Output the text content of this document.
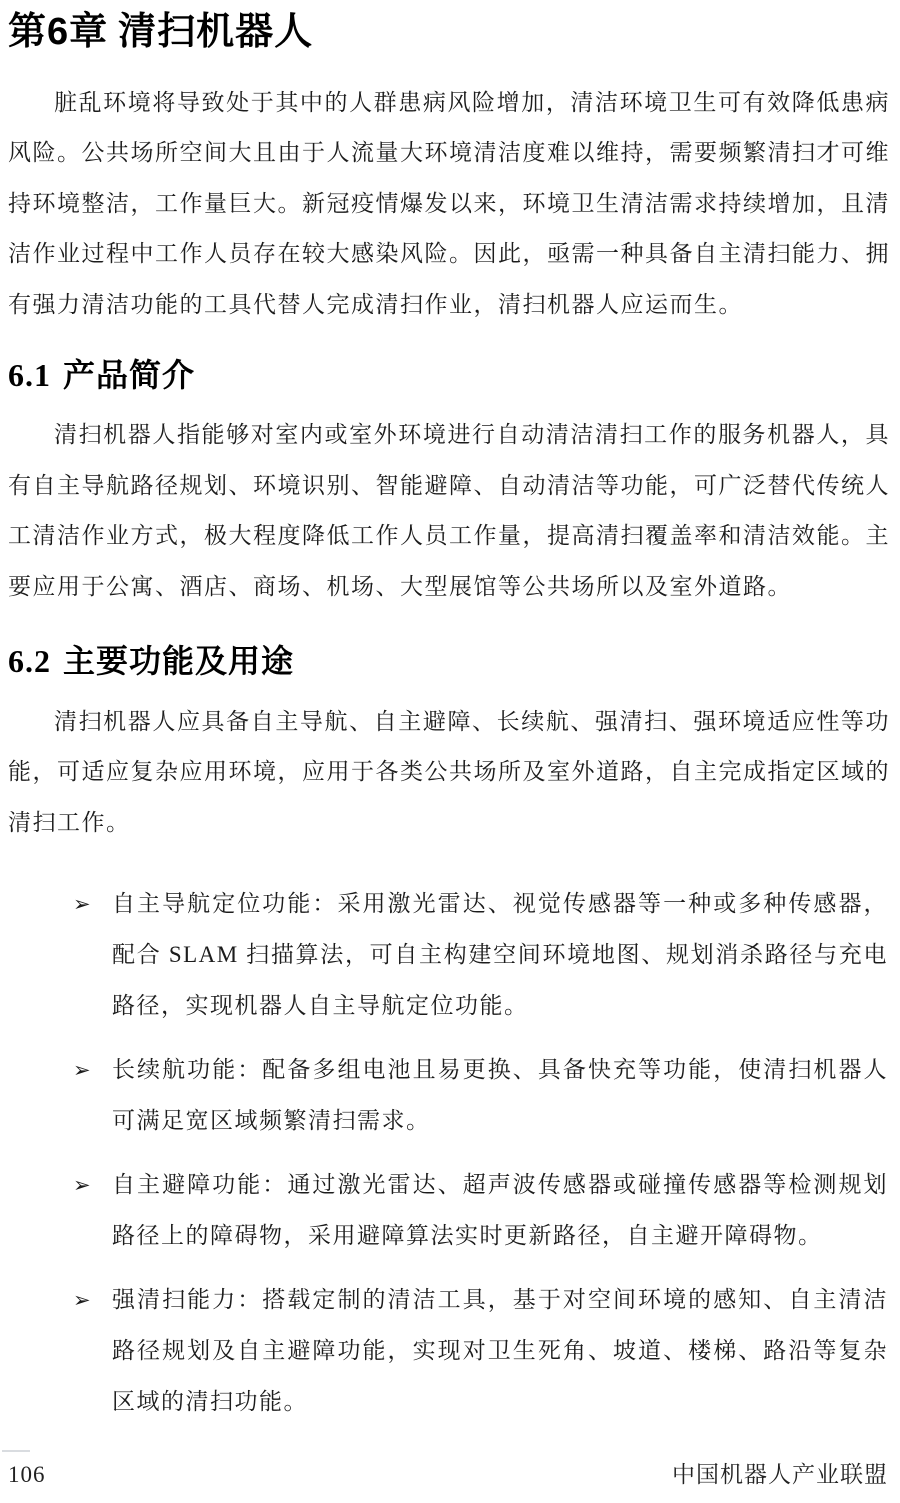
第6章 清扫机器人

脏乱环境将导致处于其中的人群患病风险增加，清洁环境卫生可有效降低患病风险。公共场所空间大且由于人流量大环境清洁度难以维持，需要频繁清扫才可维持环境整洁，工作量巨大。新冠疫情爆发以来，环境卫生清洁需求持续增加，且清洁作业过程中工作人员存在较大感染风险。因此，亟需一种具备自主清扫能力、拥有强力清洁功能的工具代替人完成清扫作业，清扫机器人应运而生。

6.1 产品简介

清扫机器人指能够对室内或室外环境进行自动清洁清扫工作的服务机器人，具有自主导航路径规划、环境识别、智能避障、自动清洁等功能，可广泛替代传统人工清洁作业方式，极大程度降低工作人员工作量，提高清扫覆盖率和清洁效能。主要应用于公寓、酒店、商场、机场、大型展馆等公共场所以及室外道路。

6.2 主要功能及用途

清扫机器人应具备自主导航、自主避障、长续航、强清扫、强环境适应性等功能，可适应复杂应用环境，应用于各类公共场所及室外道路，自主完成指定区域的清扫工作。

➢ 自主导航定位功能：采用激光雷达、视觉传感器等一种或多种传感器，配合 SLAM 扫描算法，可自主构建空间环境地图、规划消杀路径与充电路径，实现机器人自主导航定位功能。
➢ 长续航功能：配备多组电池且易更换、具备快充等功能，使清扫机器人可满足宽区域频繁清扫需求。
➢ 自主避障功能：通过激光雷达、超声波传感器或碰撞传感器等检测规划路径上的障碍物，采用避障算法实时更新路径，自主避开障碍物。
➢ 强清扫能力：搭载定制的清洁工具，基于对空间环境的感知、自主清洁路径规划及自主避障功能，实现对卫生死角、坡道、楼梯、路沿等复杂区域的清扫功能。
106	中国机器人产业联盟
